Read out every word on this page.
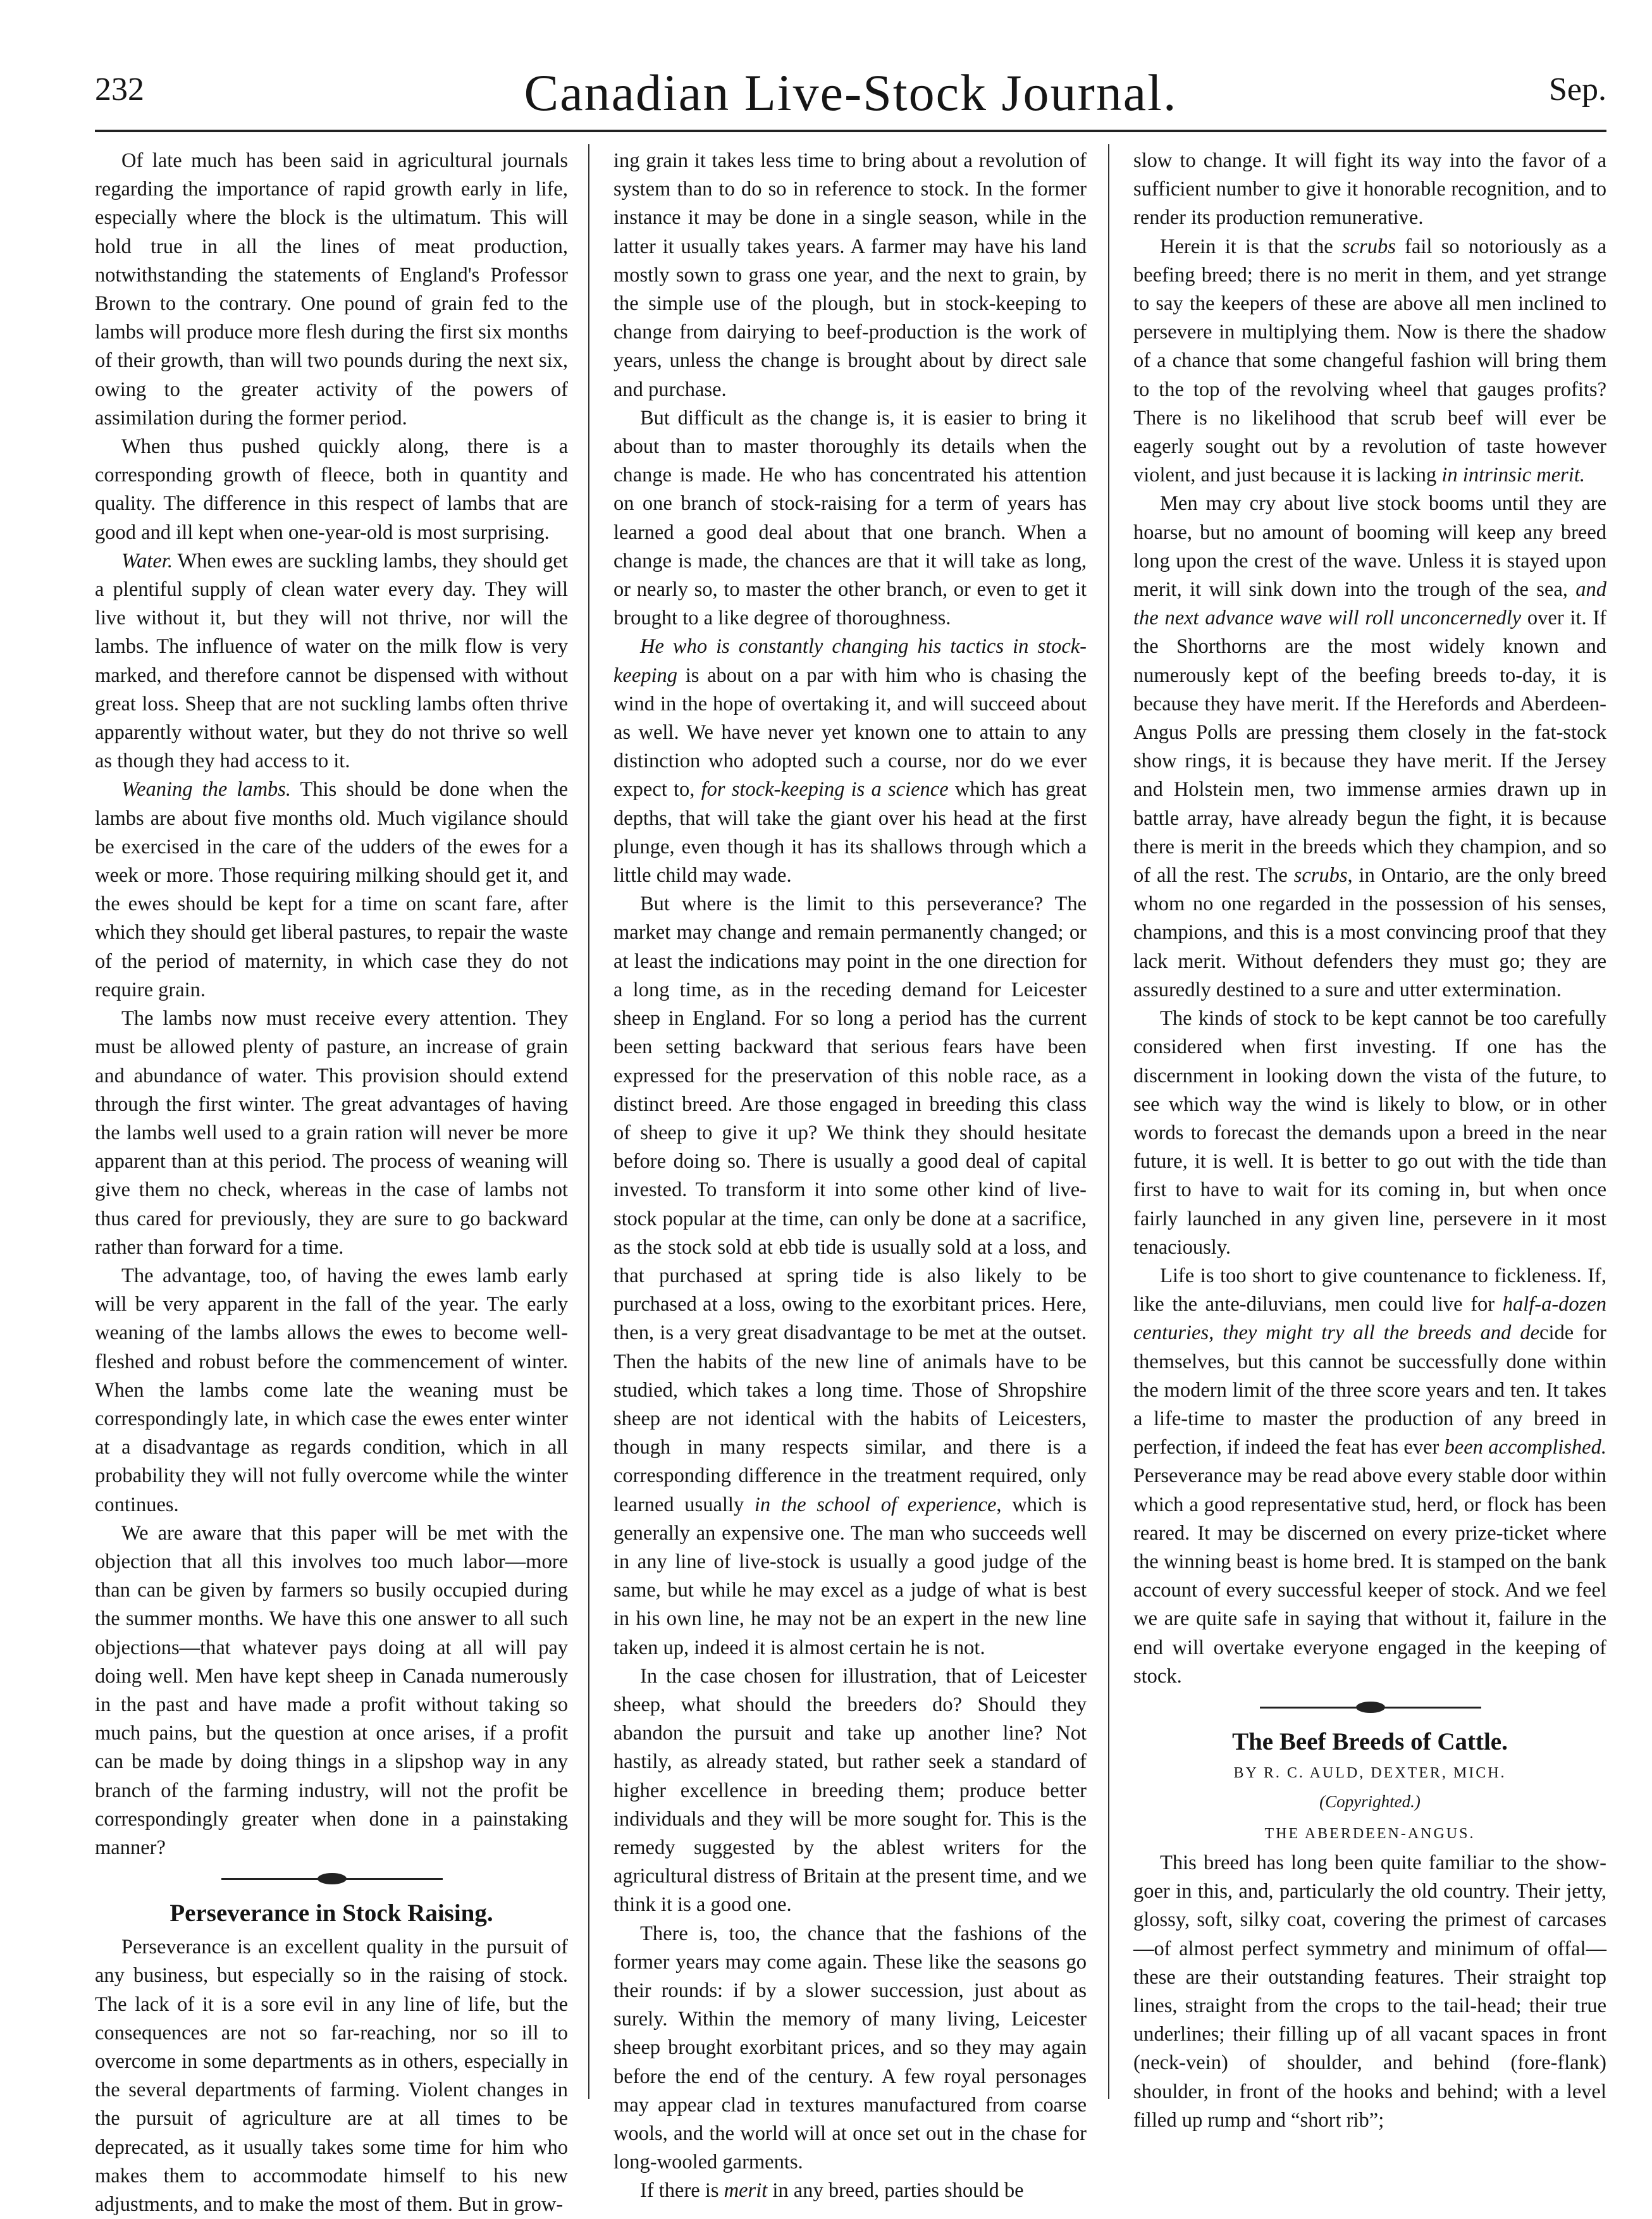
232	Canadian Live-Stock Journal.	Sep.

Of late much has been said in agricultural journals regarding the importance of rapid growth early in life, especially where the block is the ultimatum. This will hold true in all the lines of meat production, notwithstanding the statements of England's Professor Brown to the contrary. One pound of grain fed to the lambs will produce more flesh during the first six months of their growth, than will two pounds during the next six, owing to the greater activity of the powers of assimilation during the former period.

When thus pushed quickly along, there is a corresponding growth of fleece, both in quantity and quality. The difference in this respect of lambs that are good and ill kept when one-year-old is most surprising.

Water. When ewes are suckling lambs, they should get a plentiful supply of clean water every day. They will live without it, but they will not thrive, nor will the lambs. The influence of water on the milk flow is very marked, and therefore cannot be dispensed with without great loss. Sheep that are not suckling lambs often thrive apparently without water, but they do not thrive so well as though they had access to it.

Weaning the lambs. This should be done when the lambs are about five months old. Much vigilance should be exercised in the care of the udders of the ewes for a week or more. Those requiring milking should get it, and the ewes should be kept for a time on scant fare, after which they should get liberal pastures, to repair the waste of the period of maternity, in which case they do not require grain.

The lambs now must receive every attention. They must be allowed plenty of pasture, an increase of grain and abundance of water. This provision should extend through the first winter. The great advantages of having the lambs well used to a grain ration will never be more apparent than at this period. The process of weaning will give them no check, whereas in the case of lambs not thus cared for previously, they are sure to go backward rather than forward for a time.

The advantage, too, of having the ewes lamb early will be very apparent in the fall of the year. The early weaning of the lambs allows the ewes to become well-fleshed and robust before the commencement of winter. When the lambs come late the weaning must be correspondingly late, in which case the ewes enter winter at a disadvantage as regards condition, which in all probability they will not fully overcome while the winter continues.

We are aware that this paper will be met with the objection that all this involves too much labor—more than can be given by farmers so busily occupied during the summer months. We have this one answer to all such objections—that whatever pays doing at all will pay doing well. Men have kept sheep in Canada numerously in the past and have made a profit without taking so much pains, but the question at once arises, if a profit can be made by doing things in a slipshop way in any branch of the farming industry, will not the profit be correspondingly greater when done in a painstaking manner?

Perseverance in Stock Raising.

Perseverance is an excellent quality in the pursuit of any business, but especially so in the raising of stock. The lack of it is a sore evil in any line of life, but the consequences are not so far-reaching, nor so ill to overcome in some departments as in others, especially in the several departments of farming. Violent changes in the pursuit of agriculture are at all times to be deprecated, as it usually takes some time for him who makes them to accommodate himself to his new adjustments, and to make the most of them. But in grow-

ing grain it takes less time to bring about a revolution of system than to do so in reference to stock. In the former instance it may be done in a single season, while in the latter it usually takes years. A farmer may have his land mostly sown to grass one year, and the next to grain, by the simple use of the plough, but in stock-keeping to change from dairying to beef-production is the work of years, unless the change is brought about by direct sale and purchase.

But difficult as the change is, it is easier to bring it about than to master thoroughly its details when the change is made. He who has concentrated his attention on one branch of stock-raising for a term of years has learned a good deal about that one branch. When a change is made, the chances are that it will take as long, or nearly so, to master the other branch, or even to get it brought to a like degree of thoroughness.

He who is constantly changing his tactics in stock-keeping is about on a par with him who is chasing the wind in the hope of overtaking it, and will succeed about as well. We have never yet known one to attain to any distinction who adopted such a course, nor do we ever expect to, for stock-keeping is a science which has great depths, that will take the giant over his head at the first plunge, even though it has its shallows through which a little child may wade.

But where is the limit to this perseverance? The market may change and remain permanently changed; or at least the indications may point in the one direction for a long time, as in the receding demand for Leicester sheep in England. For so long a period has the current been setting backward that serious fears have been expressed for the preservation of this noble race, as a distinct breed. Are those engaged in breeding this class of sheep to give it up? We think they should hesitate before doing so. There is usually a good deal of capital invested. To transform it into some other kind of live-stock popular at the time, can only be done at a sacrifice, as the stock sold at ebb tide is usually sold at a loss, and that purchased at spring tide is also likely to be purchased at a loss, owing to the exorbitant prices. Here, then, is a very great disadvantage to be met at the outset. Then the habits of the new line of animals have to be studied, which takes a long time. Those of Shropshire sheep are not identical with the habits of Leicesters, though in many respects similar, and there is a corresponding difference in the treatment required, only learned usually in the school of experience, which is generally an expensive one. The man who succeeds well in any line of live-stock is usually a good judge of the same, but while he may excel as a judge of what is best in his own line, he may not be an expert in the new line taken up, indeed it is almost certain he is not.

In the case chosen for illustration, that of Leicester sheep, what should the breeders do? Should they abandon the pursuit and take up another line? Not hastily, as already stated, but rather seek a standard of higher excellence in breeding them; produce better individuals and they will be more sought for. This is the remedy suggested by the ablest writers for the agricultural distress of Britain at the present time, and we think it is a good one.

There is, too, the chance that the fashions of the former years may come again. These like the seasons go their rounds: if by a slower succession, just about as surely. Within the memory of many living, Leicester sheep brought exorbitant prices, and so they may again before the end of the century. A few royal personages may appear clad in textures manufactured from coarse wools, and the world will at once set out in the chase for long-wooled garments.

If there is merit in any breed, parties should be

slow to change. It will fight its way into the favor of a sufficient number to give it honorable recognition, and to render its production remunerative.

Herein it is that the scrubs fail so notoriously as a beefing breed; there is no merit in them, and yet strange to say the keepers of these are above all men inclined to persevere in multiplying them. Now is there the shadow of a chance that some changeful fashion will bring them to the top of the revolving wheel that gauges profits? There is no likelihood that scrub beef will ever be eagerly sought out by a revolution of taste however violent, and just because it is lacking in intrinsic merit.

Men may cry about live stock booms until they are hoarse, but no amount of booming will keep any breed long upon the crest of the wave. Unless it is stayed upon merit, it will sink down into the trough of the sea, and the next advance wave will roll unconcernedly over it. If the Shorthorns are the most widely known and numerously kept of the beefing breeds to-day, it is because they have merit. If the Herefords and Aberdeen-Angus Polls are pressing them closely in the fat-stock show rings, it is because they have merit. If the Jersey and Holstein men, two immense armies drawn up in battle array, have already begun the fight, it is because there is merit in the breeds which they champion, and so of all the rest. The scrubs, in Ontario, are the only breed whom no one regarded in the possession of his senses, champions, and this is a most convincing proof that they lack merit. Without defenders they must go; they are assuredly destined to a sure and utter extermination.

The kinds of stock to be kept cannot be too carefully considered when first investing. If one has the discernment in looking down the vista of the future, to see which way the wind is likely to blow, or in other words to forecast the demands upon a breed in the near future, it is well. It is better to go out with the tide than first to have to wait for its coming in, but when once fairly launched in any given line, persevere in it most tenaciously.

Life is too short to give countenance to fickleness. If, like the ante-diluvians, men could live for half-a-dozen centuries, they might try all the breeds and decide for themselves, but this cannot be successfully done within the modern limit of the three score years and ten. It takes a life-time to master the production of any breed in perfection, if indeed the feat has ever been accomplished. Perseverance may be read above every stable door within which a good representative stud, herd, or flock has been reared. It may be discerned on every prize-ticket where the winning beast is home bred. It is stamped on the bank account of every successful keeper of stock. And we feel we are quite safe in saying that without it, failure in the end will overtake everyone engaged in the keeping of stock.

The Beef Breeds of Cattle.
BY R. C. AULD, DEXTER, MICH.
(Copyrighted.)
THE ABERDEEN-ANGUS.

This breed has long been quite familiar to the show-goer in this, and, particularly the old country. Their jetty, glossy, soft, silky coat, covering the primest of carcases—of almost perfect symmetry and minimum of offal—these are their outstanding features. Their straight top lines, straight from the crops to the tail-head; their true underlines; their filling up of all vacant spaces in front (neck-vein) of shoulder, and behind (fore-flank) shoulder, in front of the hooks and behind; with a level filled up rump and “short rib”;
